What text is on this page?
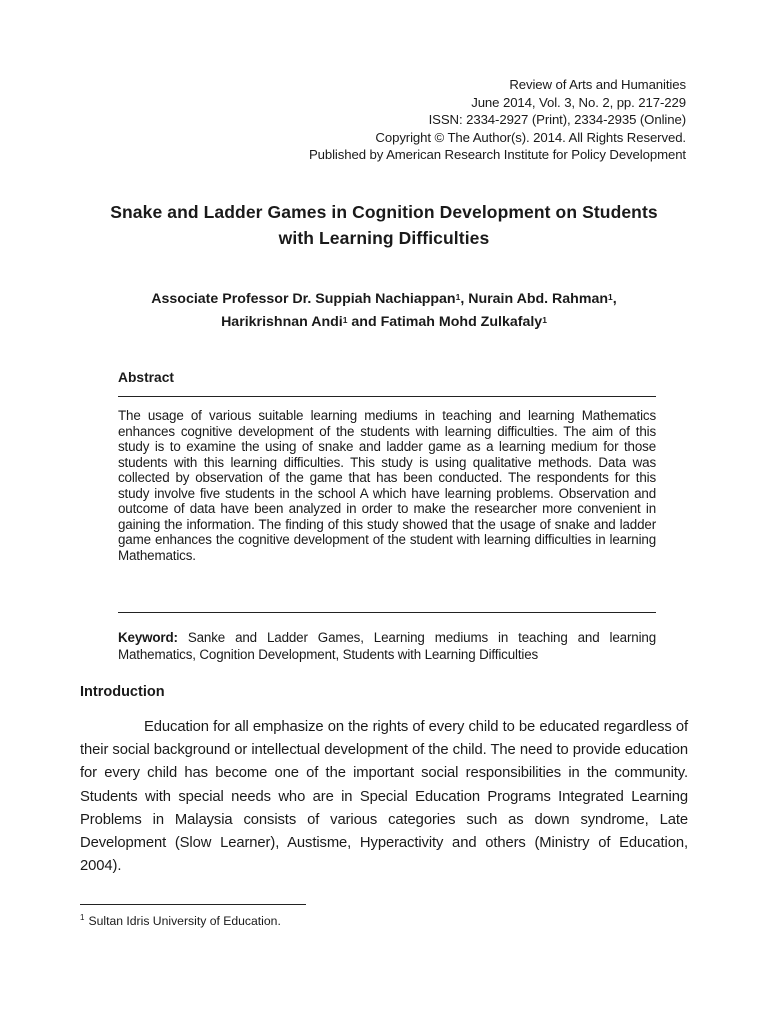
Review of Arts and Humanities
June 2014, Vol. 3, No. 2, pp. 217-229
ISSN: 2334-2927 (Print), 2334-2935 (Online)
Copyright © The Author(s). 2014. All Rights Reserved.
Published by American Research Institute for Policy Development
Snake and Ladder Games in Cognition Development on Students
with Learning Difficulties
Associate Professor Dr. Suppiah Nachiappan$^1$, Nurain Abd. Rahman$^1$,
Harikrishnan Andi$^1$ and Fatimah Mohd Zulkafaly$^1$
Abstract
The usage of various suitable learning mediums in teaching and learning Mathematics enhances cognitive development of the students with learning difficulties. The aim of this study is to examine the using of snake and ladder game as a learning medium for those students with this learning difficulties. This study is using qualitative methods. Data was collected by observation of the game that has been conducted. The respondents for this study involve five students in the school A which have learning problems. Observation and outcome of data have been analyzed in order to make the researcher more convenient in gaining the information. The finding of this study showed that the usage of snake and ladder game enhances the cognitive development of the student with learning difficulties in learning Mathematics.
Keyword: Sanke and Ladder Games, Learning mediums in teaching and learning Mathematics, Cognition Development, Students with Learning Difficulties
Introduction
Education for all emphasize on the rights of every child to be educated regardless of their social background or intellectual development of the child. The need to provide education for every child has become one of the important social responsibilities in the community. Students with special needs who are in Special Education Programs Integrated Learning Problems in Malaysia consists of various categories such as down syndrome, Late Development (Slow Learner), Austisme, Hyperactivity and others (Ministry of Education, 2004).
$^1$ Sultan Idris University of Education.
